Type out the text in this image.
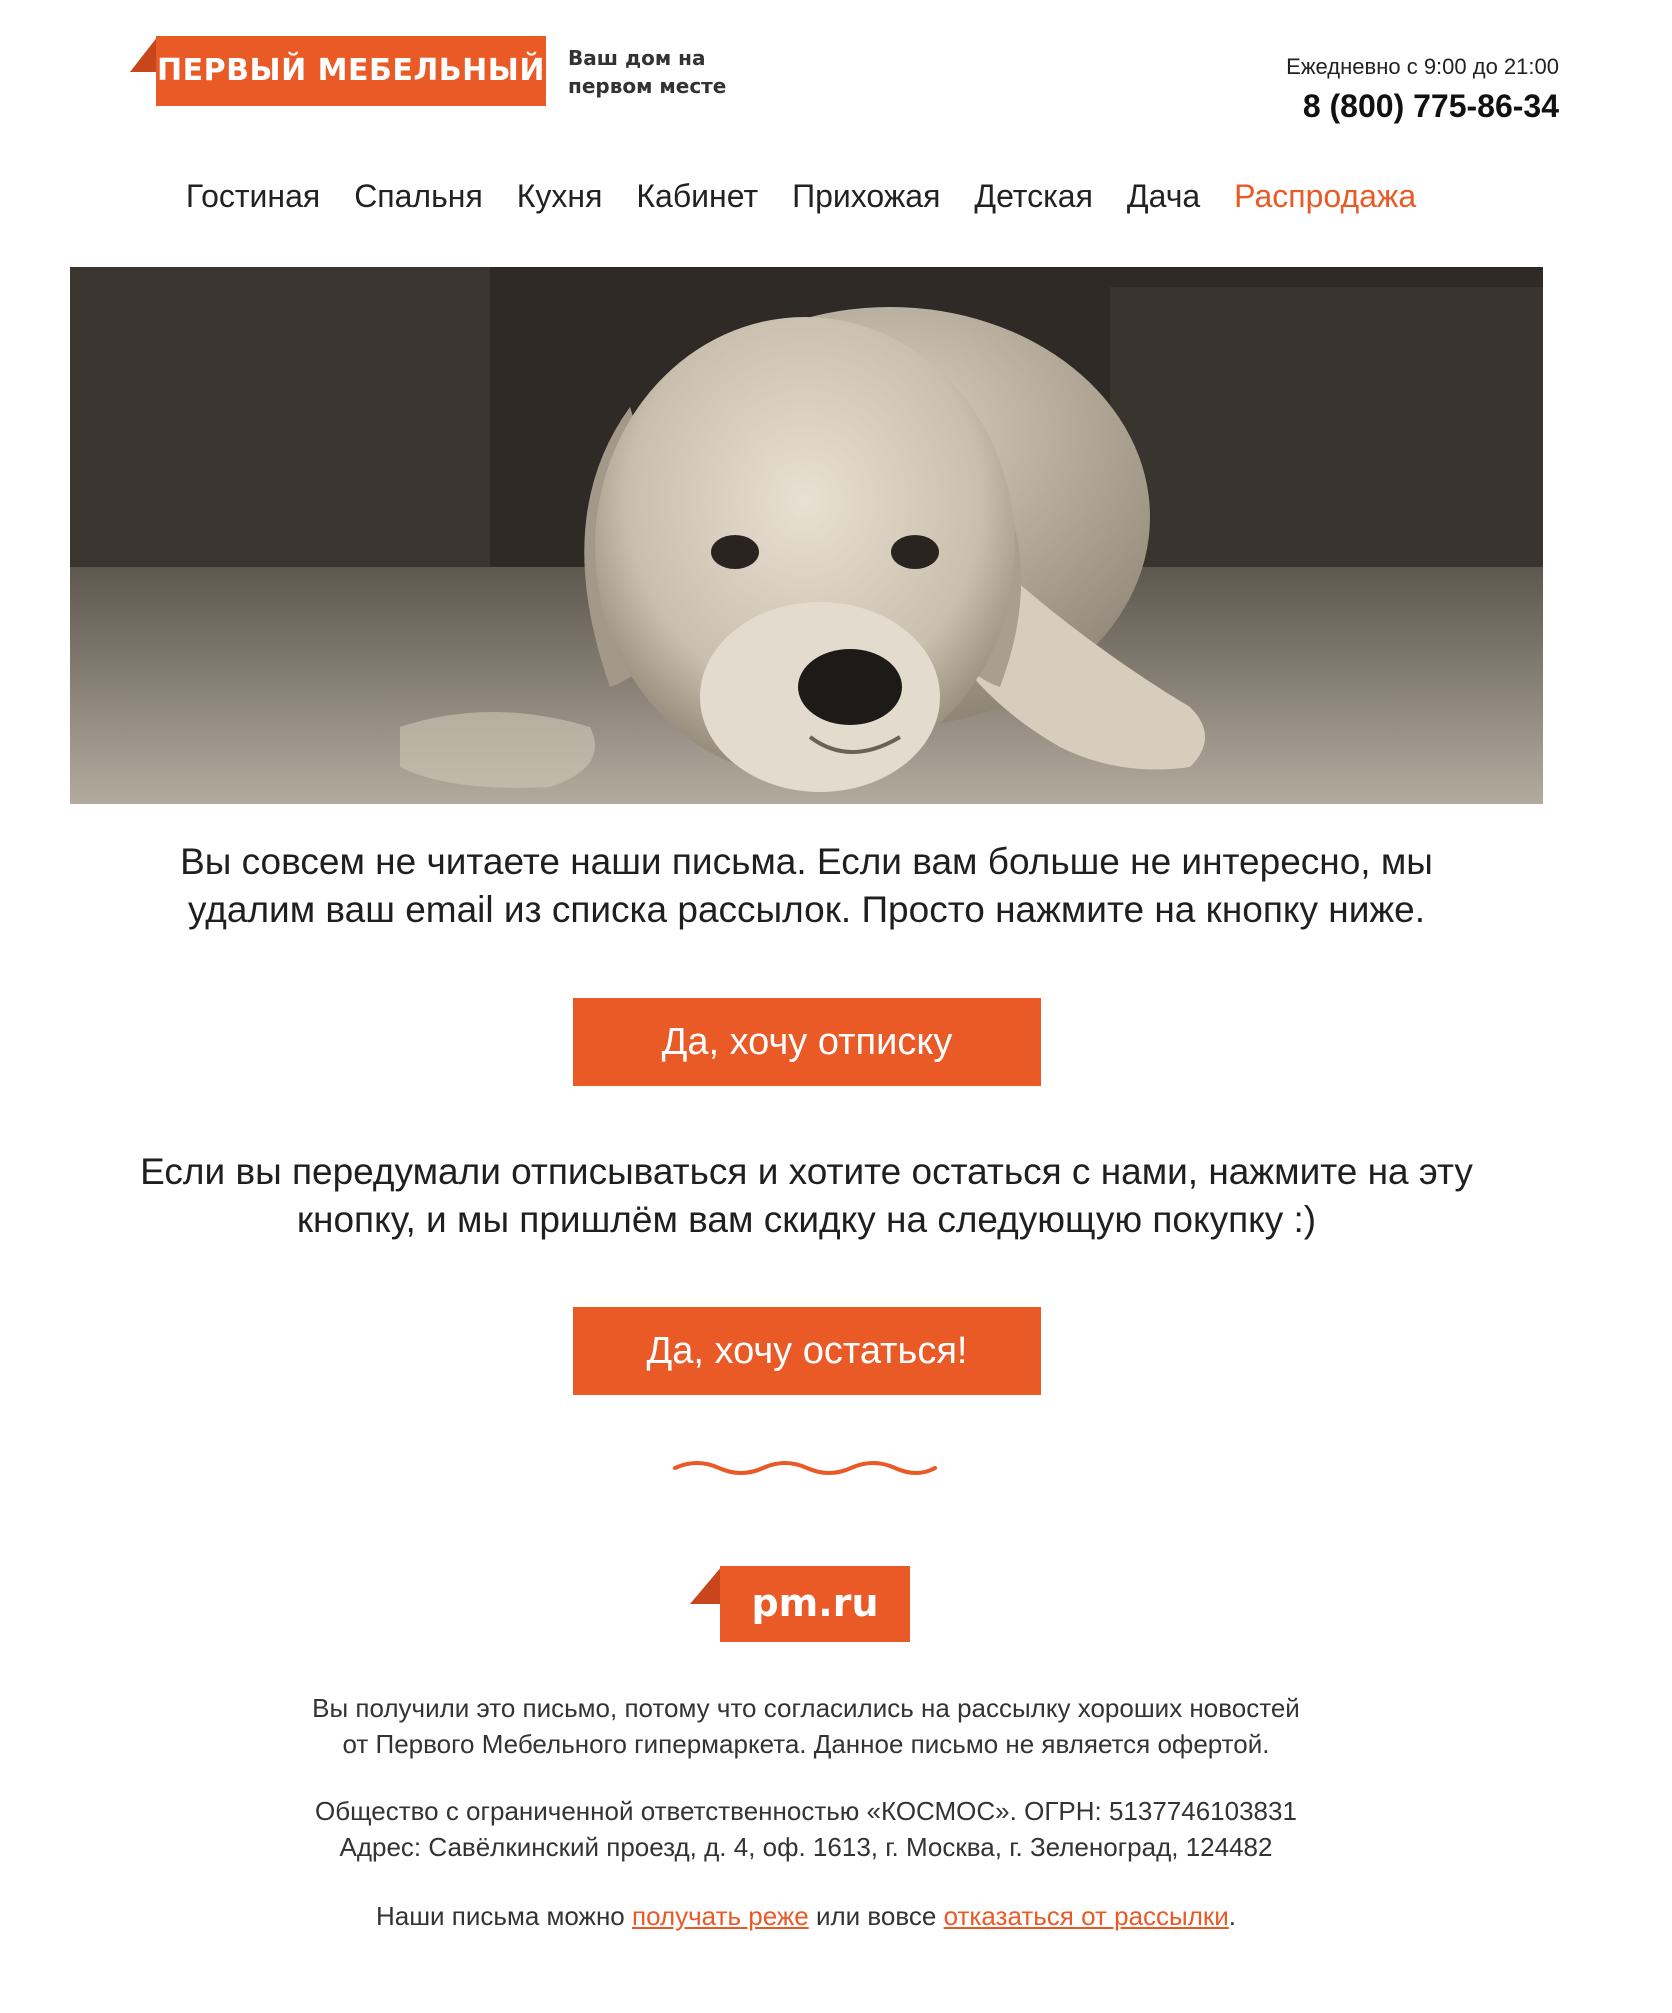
ПЕРВЫЙ МЕБЕЛЬНЫЙ Ваш дом на
первом месте
Ежедневно с 9:00 до 21:00
8 (800) 775-86-34
Гостиная Спальня Кухня Кабинет Прихожая Детская Дача Распродажа
Вы совсем не читаете наши письма. Если вам больше не интересно, мы
удалим ваш email из списка рассылок. Просто нажмите на кнопку ниже.
Да, хочу отписку
Если вы передумали отписываться и хотите остаться с нами, нажмите на эту
кнопку, и мы пришлём вам скидку на следующую покупку :)
Да, хочу остаться!
pm.ru
Вы получили это письмо, потому что согласились на рассылку хороших новостей
от Первого Мебельного гипермаркета. Данное письмо не является офертой.
Общество с ограниченной ответственностью «КОСМОС». ОГРН: 5137746103831
Адрес: Савёлкинский проезд, д. 4, оф. 1613, г. Москва, г. Зеленоград, 124482
Наши письма можно получать реже или вовсе отказаться от рассылки.
